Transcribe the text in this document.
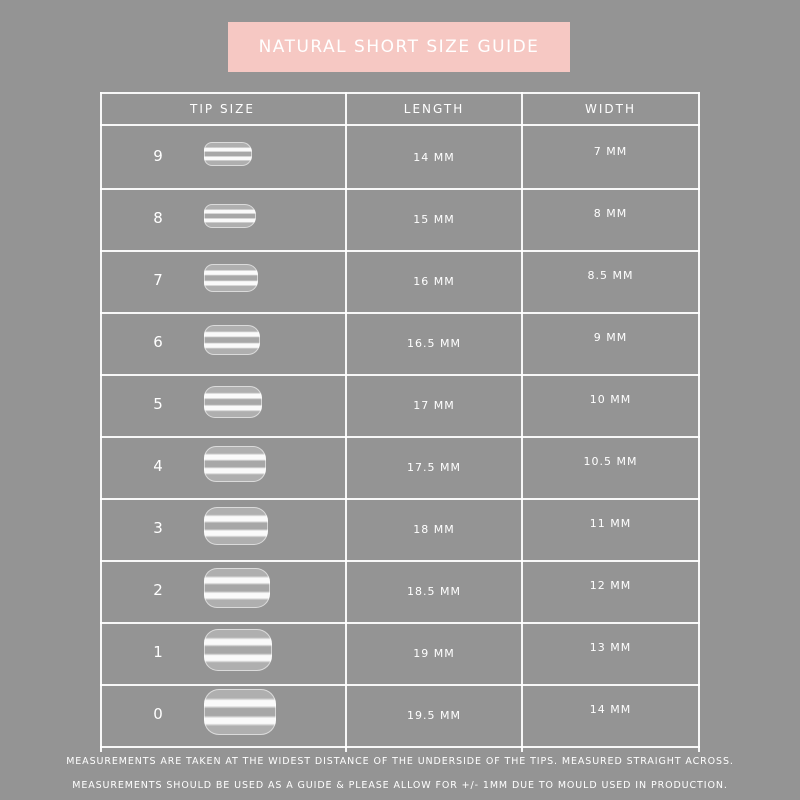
NATURAL SHORT SIZE GUIDE
TIP SIZE	LENGTH	WIDTH
9	14 MM	7 MM
8	15 MM	8 MM
7	16 MM	8.5 MM
6	16.5 MM	9 MM
5	17 MM	10 MM
4	17.5 MM	10.5 MM
3	18 MM	11 MM
2	18.5 MM	12 MM
1	19 MM	13 MM
0	19.5 MM	14 MM
MEASUREMENTS ARE TAKEN AT THE WIDEST DISTANCE OF THE UNDERSIDE OF THE TIPS. MEASURED STRAIGHT ACROSS.
MEASUREMENTS SHOULD BE USED AS A GUIDE & PLEASE ALLOW FOR +/- 1MM DUE TO MOULD USED IN PRODUCTION.
